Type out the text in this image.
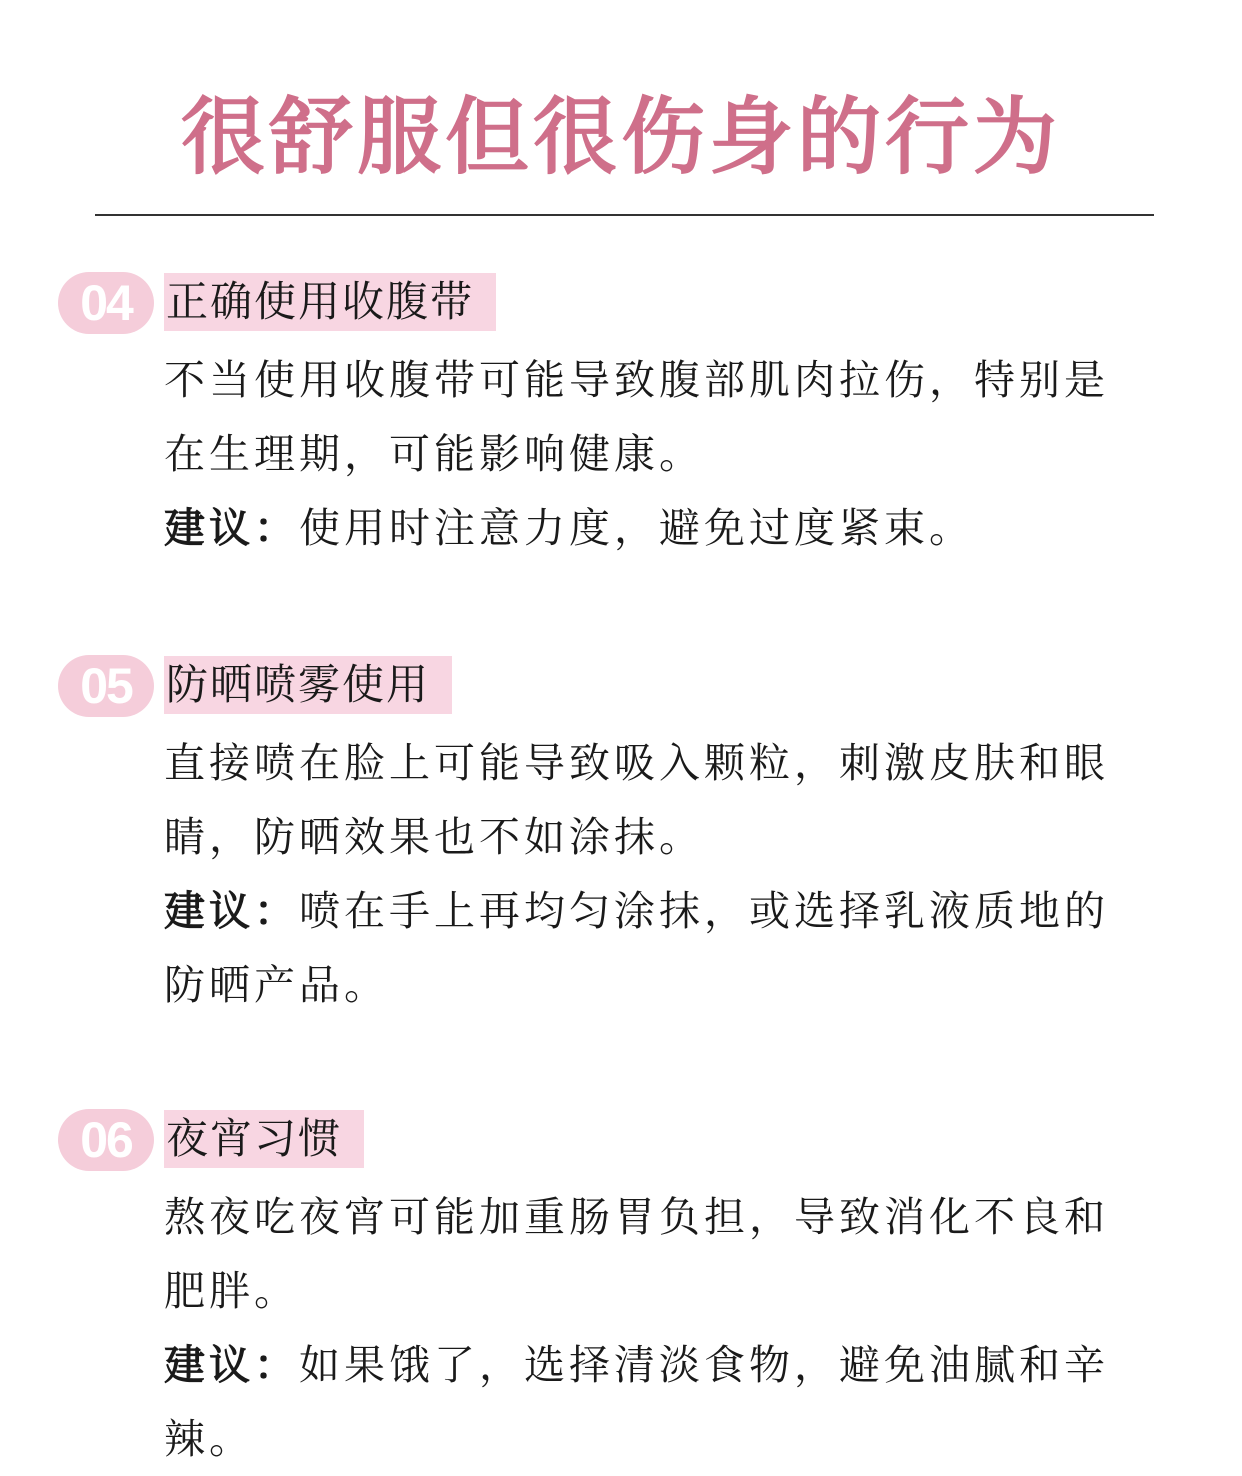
很舒服但很伤身的行为
04 正确使用收腹带
不当使用收腹带可能导致腹部肌肉拉伤，特别是在生理期，可能影响健康。
建议：使用时注意力度，避免过度紧束。
05 防晒喷雾使用
直接喷在脸上可能导致吸入颗粒，刺激皮肤和眼睛，防晒效果也不如涂抹。
建议：喷在手上再均匀涂抹，或选择乳液质地的防晒产品。
06 夜宵习惯
熬夜吃夜宵可能加重肠胃负担，导致消化不良和肥胖。
建议：如果饿了，选择清淡食物，避免油腻和辛辣。
